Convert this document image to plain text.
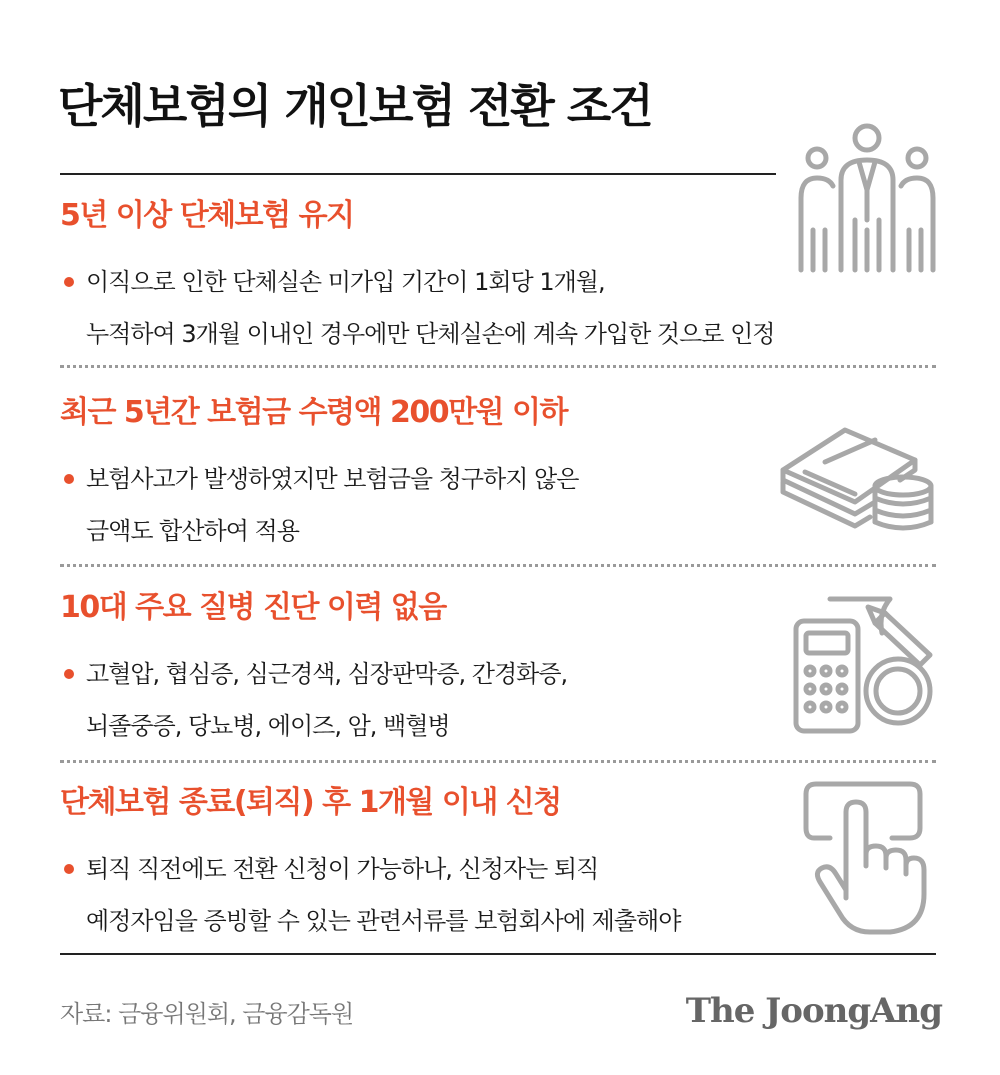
단체보험의 개인보험 전환 조건
5년 이상 단체보험 유지
이직으로 인한 단체실손 미가입 기간이 1회당 1개월,
누적하여 3개월 이내인 경우에만 단체실손에 계속 가입한 것으로 인정
최근 5년간 보험금 수령액 200만원 이하
보험사고가 발생하였지만 보험금을 청구하지 않은
금액도 합산하여 적용
10대 주요 질병 진단 이력 없음
고혈압, 협심증, 심근경색, 심장판막증, 간경화증,
뇌졸중증, 당뇨병, 에이즈, 암, 백혈병
단체보험 종료(퇴직) 후 1개월 이내 신청
퇴직 직전에도 전환 신청이 가능하나, 신청자는 퇴직
예정자임을 증빙할 수 있는 관련서류를 보험회사에 제출해야
자료: 금융위원회, 금융감독원	The JoongAng
